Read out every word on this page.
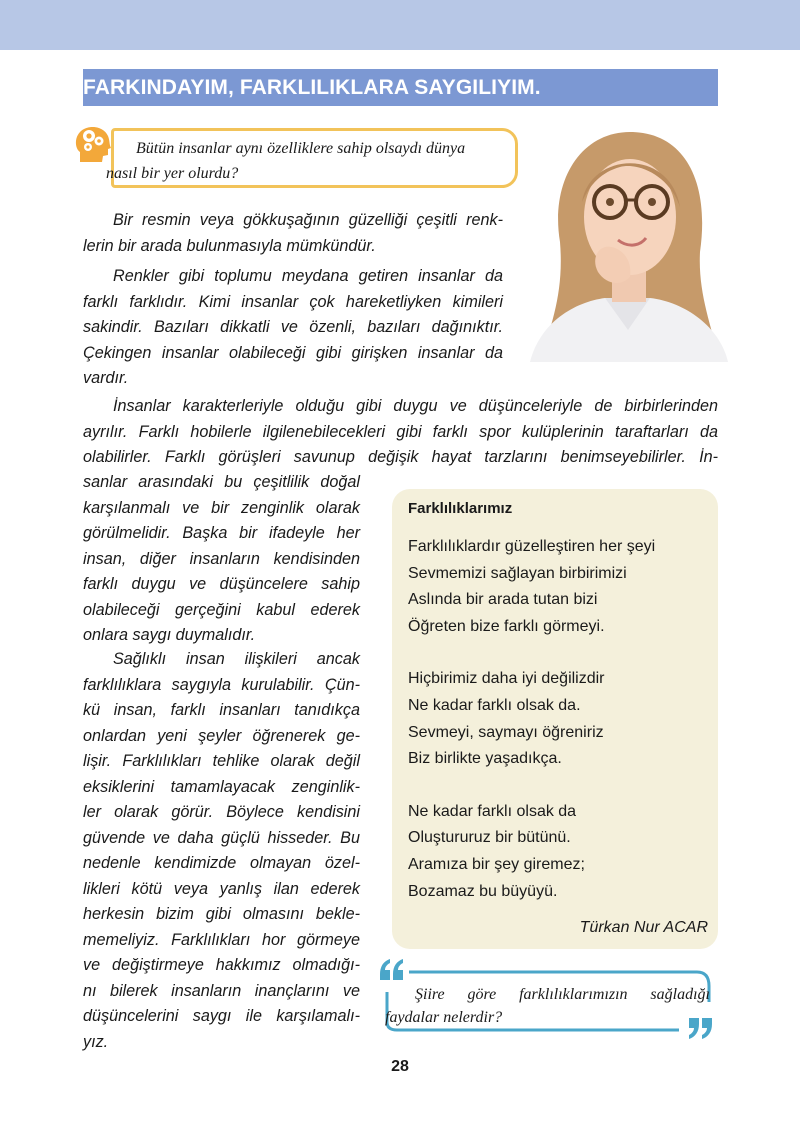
FARKINDAYIM, FARKLILIKLARA SAYGILIYIM.
Bütün insanlar aynı özelliklere sahip olsaydı dünya
nasıl bir yer olurdu?
Bir resmin veya gökkuşağının güzelliği çeşitli renk-
lerin bir arada bulunmasıyla mümkündür.
Renkler gibi toplumu meydana getiren insanlar da
farklı farklıdır. Kimi insanlar çok hareketliyken kimileri
sakindir. Bazıları dikkatli ve özenli, bazıları dağınıktır.
Çekingen insanlar olabileceği gibi girişken insanlar da
vardır.
İnsanlar karakterleriyle olduğu gibi duygu ve düşünceleriyle de birbirlerinden
ayrılır. Farklı hobilerle ilgilenebilecekleri gibi farklı spor kulüplerinin taraftarları da
olabilirler. Farklı görüşleri savunup değişik hayat tarzlarını benimseyebilirler. İn-
sanlar arasındaki bu çeşitlilik doğal
karşılanmalı ve bir zenginlik olarak
görülmelidir. Başka bir ifadeyle her
insan, diğer insanların kendisinden
farklı duygu ve düşüncelere sahip
olabileceği gerçeğini kabul ederek
onlara saygı duymalıdır.
Sağlıklı insan ilişkileri ancak
farklılıklara saygıyla kurulabilir. Çün-
kü insan, farklı insanları tanıdıkça
onlardan yeni şeyler öğrenerek ge-
lişir. Farklılıkları tehlike olarak değil
eksiklerini tamamlayacak zenginlik-
ler olarak görür. Böylece kendisini
güvende ve daha güçlü hisseder. Bu
nedenle kendimizde olmayan özel-
likleri kötü veya yanlış ilan ederek
herkesin bizim gibi olmasını bekle-
memeliyiz. Farklılıkları hor görmeye
ve değiştirmeye hakkımız olmadığı-
nı bilerek insanların inançlarını ve
düşüncelerini saygı ile karşılamalı-
yız.
Farklılıklarımız
Farklılıklardır güzelleştiren her şeyi
Sevmemizi sağlayan birbirimizi
Aslında bir arada tutan bizi
Öğreten bize farklı görmeyi.
Hiçbirimiz daha iyi değilizdir
Ne kadar farklı olsak da.
Sevmeyi, saymayı öğreniriz
Biz birlikte yaşadıkça.
Ne kadar farklı olsak da
Oluştururuz bir bütünü.
Aramıza bir şey giremez;
Bozamaz bu büyüyü.
Türkan Nur ACAR
Şiire göre farklılıklarımızın sağladığı
faydalar nelerdir?
28
